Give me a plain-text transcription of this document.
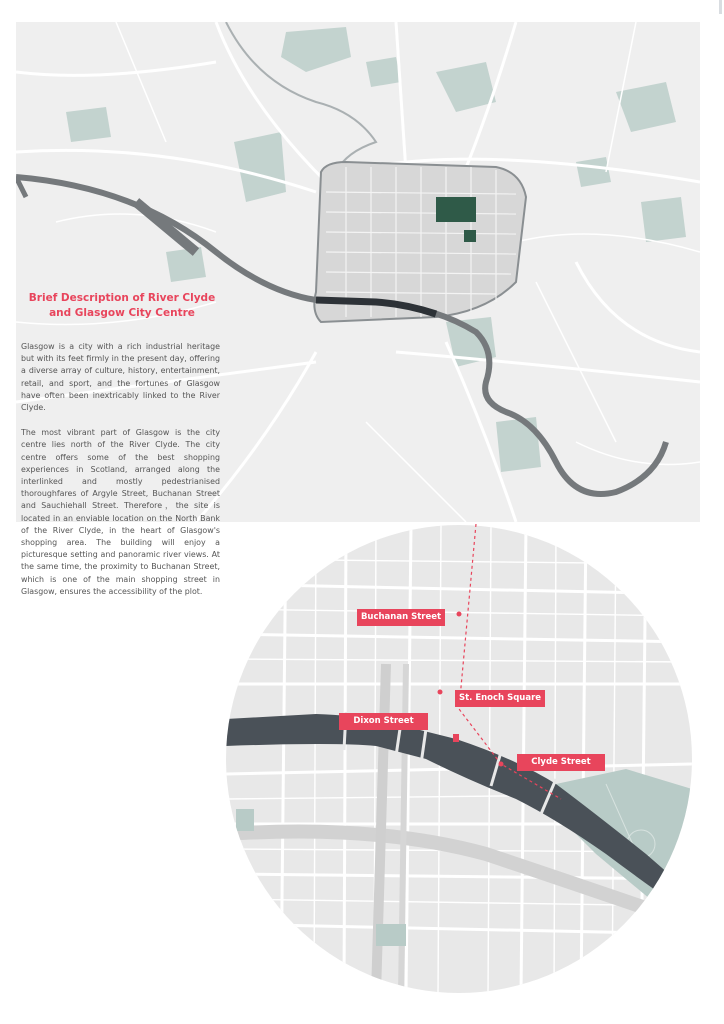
Brief Description of River Clyde
and Glasgow City Centre

Glasgow is a city with a rich industrial heritage but with its feet firmly in the present day, offering a diverse array of culture, history, entertainment, retail, and sport, and the fortunes of Glasgow have often been inextricably linked to the River Clyde.

The most vibrant part of Glasgow is the city centre lies north of the River Clyde. The city centre offers some of the best shopping experiences in Scotland, arranged along the interlinked and mostly pedestrianised thoroughfares of Argyle Street, Buchanan Street and Sauchiehall Street. Therefore，the site is located in an enviable location on the North Bank of the River Clyde, in the heart of Glasgow's shopping area. The building will enjoy a picturesque setting and panoramic river views. At the same time, the proximity to Buchanan Street, which is one of the main shopping street in Glasgow, ensures the accessibility of the plot.

Buchanan Street
St. Enoch Square
Dixon Street
Clyde Street
